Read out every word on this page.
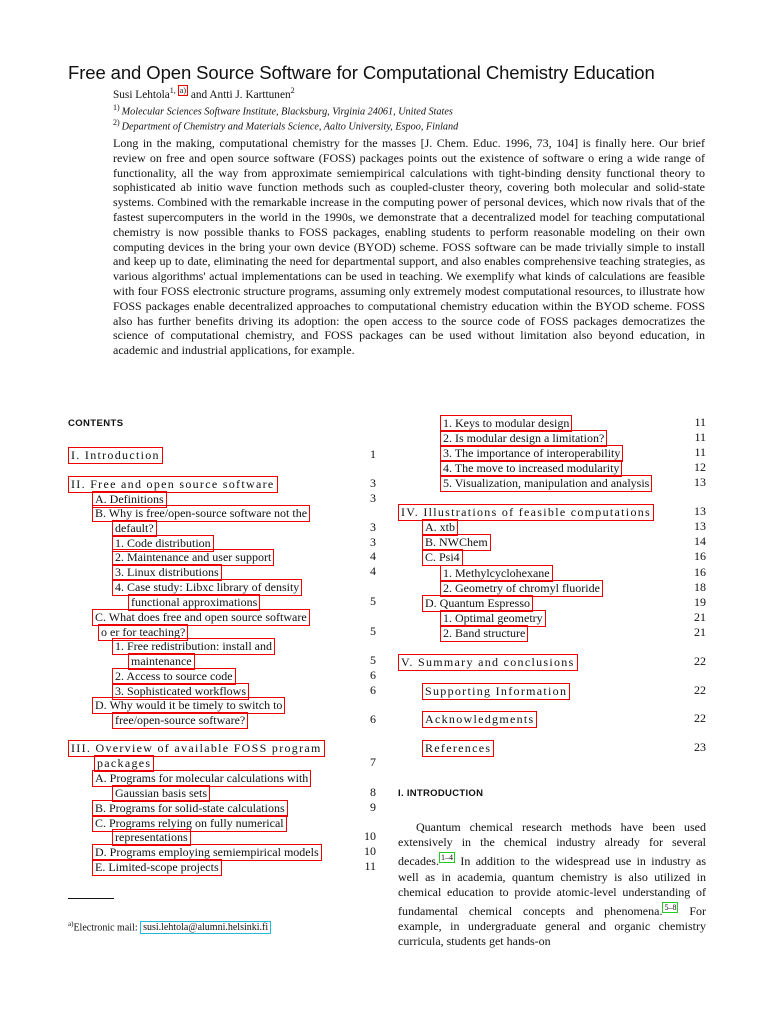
Free and Open Source Software for Computational Chemistry Education
Susi Lehtola$^{1,}$ $^{a)}$ and Antti J. Karttunen$^2$
$^{1)}$ Molecular Sciences Software Institute, Blacksburg, Virginia 24061, United States
$^{2)}$ Department of Chemistry and Materials Science, Aalto University, Espoo, Finland
Long in the making, computational chemistry for the masses [J. Chem. Educ. 1996, 73, 104] is finally here. Our brief review on free and open source software (FOSS) packages points out the existence of software o ering a wide range of functionality, all the way from approximate semiempirical calculations with tight-binding density functional theory to sophisticated ab initio wave function methods such as coupled-cluster theory, covering both molecular and solid-state systems. Combined with the remarkable increase in the computing power of personal devices, which now rivals that of the fastest supercomputers in the world in the 1990s, we demonstrate that a decentralized model for teaching computational chemistry is now possible thanks to FOSS packages, enabling students to perform reasonable modeling on their own computing devices in the bring your own device (BYOD) scheme. FOSS software can be made trivially simple to install and keep up to date, eliminating the need for departmental support, and also enables comprehensive teaching strategies, as various algorithms' actual implementations can be used in teaching. We exemplify what kinds of calculations are feasible with four FOSS electronic structure programs, assuming only extremely modest computational resources, to illustrate how FOSS packages enable decentralized approaches to computational chemistry education within the BYOD scheme. FOSS also has further benefits driving its adoption: the open access to the source code of FOSS packages democratizes the science of computational chemistry, and FOSS packages can be used without limitation also beyond education, in academic and industrial applications, for example.
CONTENTS
I. Introduction	1
II. Free and open source software	3
A. Definitions	3
B. Why is free/open-source software not the
default?	3
1. Code distribution	3
2. Maintenance and user support	4
3. Linux distributions	4
4. Case study: Libxc library of density
functional approximations	5
C. What does free and open source software
o er for teaching?	5
1. Free redistribution: install and
maintenance	5
2. Access to source code	6
3. Sophisticated workflows	6
D. Why would it be timely to switch to
free/open-source software?	6
III. Overview of available FOSS program
packages	7
A. Programs for molecular calculations with
Gaussian basis sets	8
B. Programs for solid-state calculations	9
C. Programs relying on fully numerical
representations	10
D. Programs employing semiempirical models	10
E. Limited-scope projects	11
1. Keys to modular design	11
2. Is modular design a limitation?	11
3. The importance of interoperability	11
4. The move to increased modularity	12
5. Visualization, manipulation and analysis	13
IV. Illustrations of feasible computations	13
A. xtb	13
B. NWChem	14
C. Psi4	16
1. Methylcyclohexane	16
2. Geometry of chromyl fluoride	18
D. Quantum Espresso	19
1. Optimal geometry	21
2. Band structure	21
V. Summary and conclusions	22
Supporting Information	22
Acknowledgments	22
References	23
$^{a)}$Electronic mail: susi.lehtola@alumni.helsinki.fi
I. INTRODUCTION
Quantum chemical research methods have been used extensively in the chemical industry already for several decades. $^{1-4}$ In addition to the widespread use in industry as well as in academia, quantum chemistry is also utilized in chemical education to provide atomic-level understanding of fundamental chemical concepts and phenomena. $^{5-8}$ For example, in undergraduate general and organic chemistry curricula, students get hands-on
